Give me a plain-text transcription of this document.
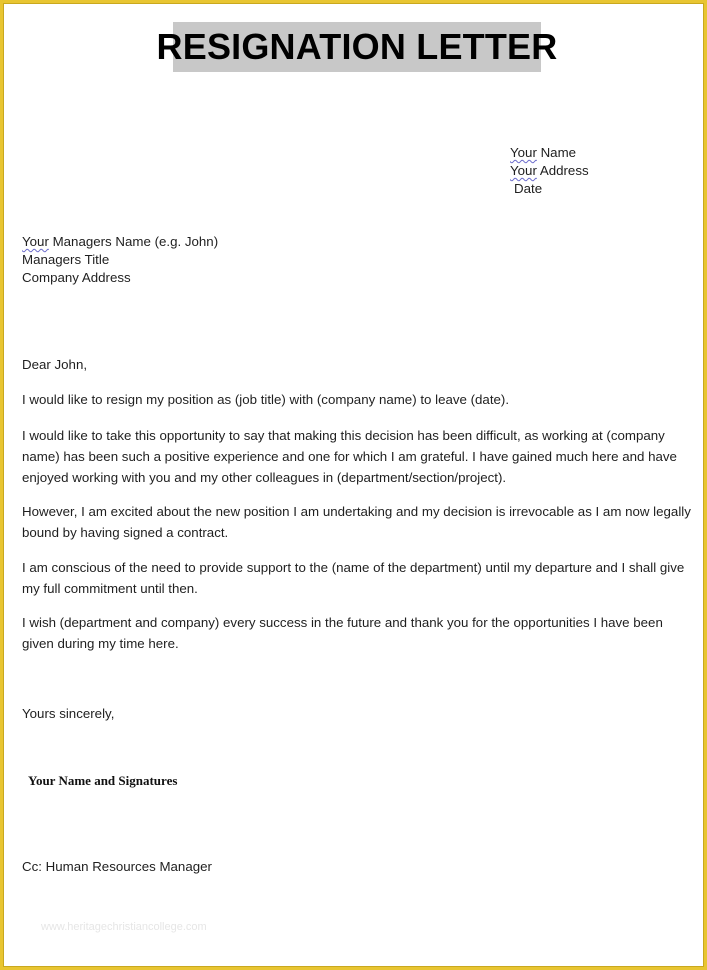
RESIGNATION LETTER
Your Name
Your Address
Date
Your Managers Name (e.g. John)
Managers Title
Company Address
Dear John,
I would like to resign my position as (job title) with (company name) to leave (date).
I would like to take this opportunity to say that making this decision has been difficult, as working at (company name) has been such a positive experience and one for which I am grateful. I have gained much here and have enjoyed working with you and my other colleagues in (department/section/project).
However, I am excited about the new position I am undertaking and my decision is irrevocable as I am now legally bound by having signed a contract.
I am conscious of the need to provide support to the (name of the department) until my departure and I shall give my full commitment until then.
I wish (department and company) every success in the future and thank you for the opportunities I have been given during my time here.
Yours sincerely,
Your Name and Signatures
Cc: Human Resources Manager
www.heritagechristiancollege.com
